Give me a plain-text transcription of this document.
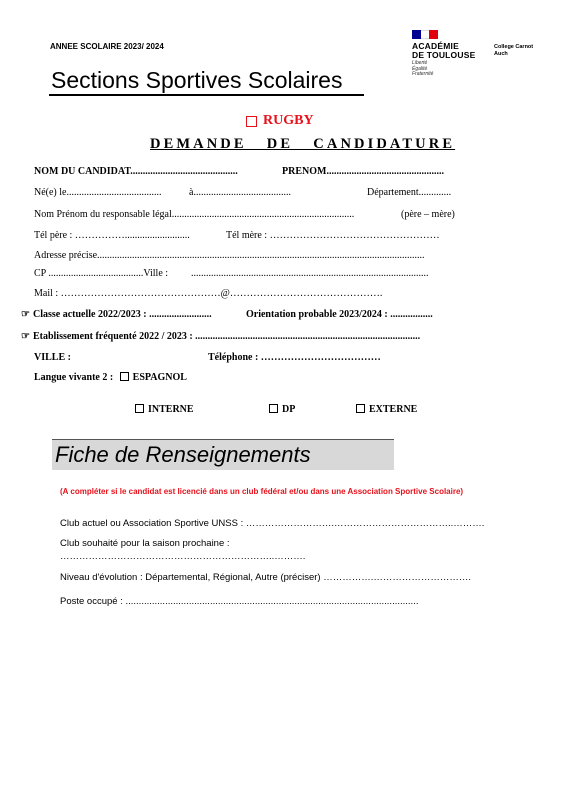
ANNEE SCOLAIRE 2023/ 2024	ACADÉMIE
DE TOULOUSE
Liberté
Égalité
Fraternité
College Carnot
Auch
Sections Sportives Scolaires
RUGBY
DEMANDE   DE   CANDIDATURE
NOM DU CANDIDAT...........................................	PRENOM...............................................
Né(e) le......................................	à.......................................	Département.............
Nom Prénom du responsable légal.........................................................................	(père – mère)
Tél père : ……………..........................	Tél mère : ……………………………………………
Adresse précise...................................................................................................................................
CP ......................................Ville : ...............................................................................................
Mail : …………………………………………@……………………………………….
☞ Classe actuelle 2022/2023 : .........................	Orientation probable 2023/2024 : .................
☞ Etablissement fréquenté 2022 / 2023 : ..........................................................................................
VILLE :	Téléphone : ………………………………
Langue vivante 2 : ESPAGNOL
INTERNE	DP	EXTERNE
Fiche de Renseignements
(A compléter si le candidat est licencié dans un club fédéral et/ou dans une Association Sportive Scolaire)
Club actuel ou Association Sportive UNSS : ……………………….………………………………..……….
Club souhaité pour la saison prochaine :
…………………………………………………………..……….
Niveau d'évolution : Départemental, Régional, Autre (préciser) …………….………………………….
Poste occupé : ...............................................................................................................
